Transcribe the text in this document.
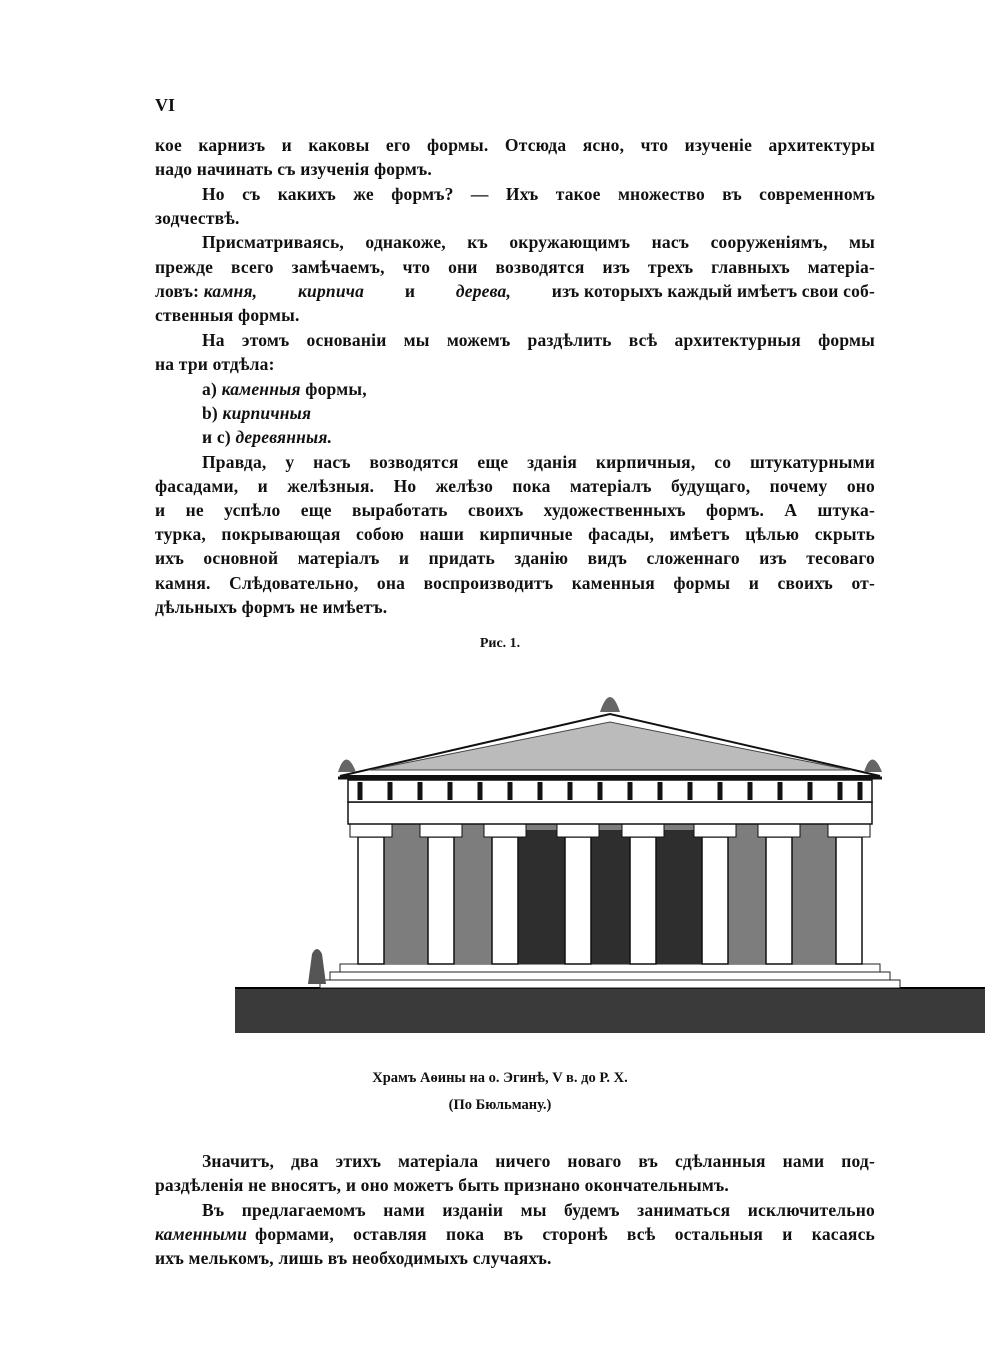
VI
кое карнизъ и каковы его формы. Отсюда ясно, что изученіе архитектуры
надо начинать съ изученія формъ.
Но съ какихъ же формъ? — Ихъ такое множество въ современномъ
зодчествѣ.
Присматриваясь, однакоже, къ окружающимъ насъ сооруженіямъ, мы
прежде всего замѣчаемъ, что они возводятся изъ трехъ главныхъ матеріа-
ловъ: камня, кирпича и дерева, изъ которыхъ каждый имѣетъ свои соб-
ственныя формы.
На этомъ основаніи мы можемъ раздѣлить всѣ архитектурныя формы
на три отдѣла:
a) каменныя формы,
b) кирпичныя
и c) деревянныя.
Правда, у насъ возводятся еще зданія кирпичныя, со штукатурными
фасадами, и желѣзныя. Но желѣзо пока матеріалъ будущаго, почему оно
и не успѣло еще выработать своихъ художественныхъ формъ. А штука-
турка, покрывающая собою наши кирпичные фасады, имѣетъ цѣлью скрыть
ихъ основной матеріалъ и придать зданію видъ сложеннаго изъ тесоваго
камня. Слѣдовательно, она воспроизводитъ каменныя формы и своихъ от-
дѣльныхъ формъ не имѣетъ.
Рис. 1.
Храмъ Аѳины на о. Эгинѣ, V в. до Р. Х.
(По Бюльману.)
Значитъ, два этихъ матеріала ничего новаго въ сдѣланныя нами под-
раздѣленія не вносятъ, и оно можетъ быть признано окончательнымъ.
Въ предлагаемомъ нами изданіи мы будемъ заниматься исключительно
каменными формами, оставляя пока въ сторонѣ всѣ остальныя и касаясь
ихъ мелькомъ, лишь въ необходимыхъ случаяхъ.
